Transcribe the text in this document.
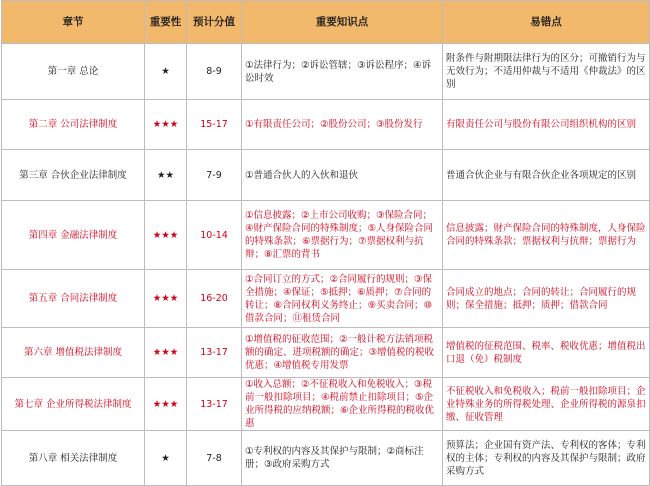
章节	重要性	预计分值	重要知识点	易错点
第一章 总论	★	8-9	①法律行为；②诉讼管辖；③诉讼程序；④诉讼时效	附条件与附期限法律行为的区分；可撤销行为与无效行为；不适用仲裁与不适用《仲裁法》的区别
第二章 公司法律制度	★★★	15-17	①有限责任公司；②股份公司；③股份发行	有限责任公司与股份有限公司组织机构的区别
第三章 合伙企业法律制度	★★	7-9	①普通合伙人的入伙和退伙	普通合伙企业与有限合伙企业各项规定的区别
第四章 金融法律制度	★★★	10-14	①信息披露；②上市公司收购；③保险合同；④财产保险合同的特殊制度；⑤人身保险合同的特殊条款；⑥票据行为；⑦票据权利与抗辩；⑧汇票的背书	信息披露；财产保险合同的特殊制度，人身保险合同的特殊条款；票据权利与抗辩；票据行为
第五章 合同法律制度	★★★	16-20	①合同订立的方式；②合同履行的规则；③保全措施；④保证；⑤抵押；⑥质押；⑦合同的转让；⑧合同权利义务终止；⑨买卖合同；⑩借款合同；⑪租赁合同	合同成立的地点；合同的转让；合同履行的规则；保全措施；抵押；质押；借款合同
第六章 增值税法律制度	★★★	13-17	①增值税的征收范围；②一般计税方法销项税额的确定、进项税额的确定；③增值税的税收优惠；④增值税专用发票	增值税的征税范围、税率、税收优惠；增值税出口退（免）税制度
第七章 企业所得税法律制度	★★★	13-17	①收入总额；②不征税收入和免税收入；③税前一般扣除项目；④税前禁止扣除项目；⑤企业所得税的应纳税额；⑥企业所得税的税收优惠	不征税收入和免税收入；税前一般扣除项目；企业特殊业务的所得税处理、企业所得税的源泉扣缴、征收管理
第八章 相关法律制度	★	7-8	①专利权的内容及其保护与限制；②商标注册；③政府采购方式	预算法；企业国有资产法、专利权的客体；专利权的主体；专利权的内容及其保护与限制；政府采购方式
